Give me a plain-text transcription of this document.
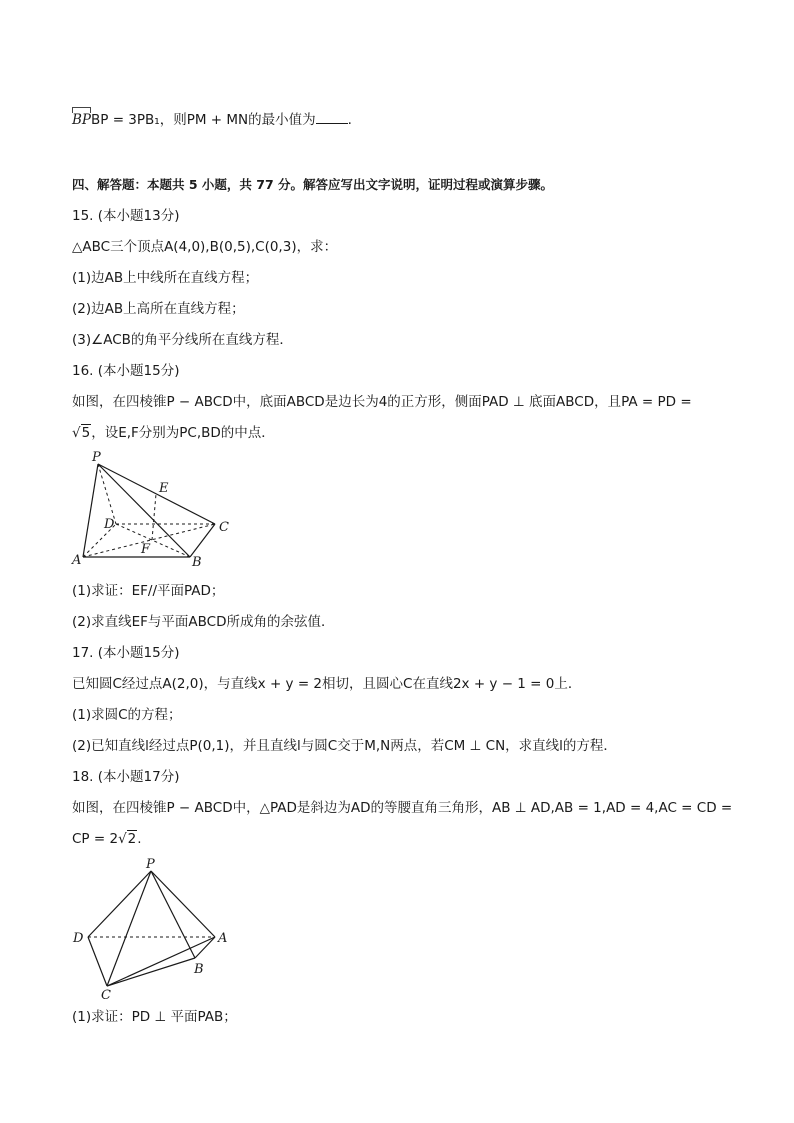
BPBP = 3PB₁，则PM + MN的最小值为 .
四、解答题：本题共 5 小题，共 77 分。解答应写出文字说明，证明过程或演算步骤。
15. (本小题13分)
△ABC三个顶点A(4,0),B(0,5),C(0,3)，求：
(1)边AB上中线所在直线方程；
(2)边AB上高所在直线方程；
(3)∠ACB的角平分线所在直线方程．
16. (本小题15分)
如图，在四棱锥P − ABCD中，底面ABCD是边长为4的正方形，侧面PAD ⊥ 底面ABCD，且PA = PD =
√5，设E,F分别为PC,BD的中点．
P
E
D	C
F
A	B
(1)求证：EF//平面PAD；
(2)求直线EF与平面ABCD所成角的余弦值．
17. (本小题15分)
已知圆C经过点A(2,0)，与直线x + y = 2相切，且圆心C在直线2x + y − 1 = 0上．
(1)求圆C的方程；
(2)已知直线l经过点P(0,1)，并且直线l与圆C交于M,N两点，若CM ⊥ CN，求直线l的方程．
18. (本小题17分)
如图，在四棱锥P − ABCD中，△PAD是斜边为AD的等腰直角三角形，AB ⊥ AD,AB = 1,AD = 4,AC = CD =
CP = 2√2.
P
D	A
B
C
(1)求证：PD ⊥ 平面PAB；
